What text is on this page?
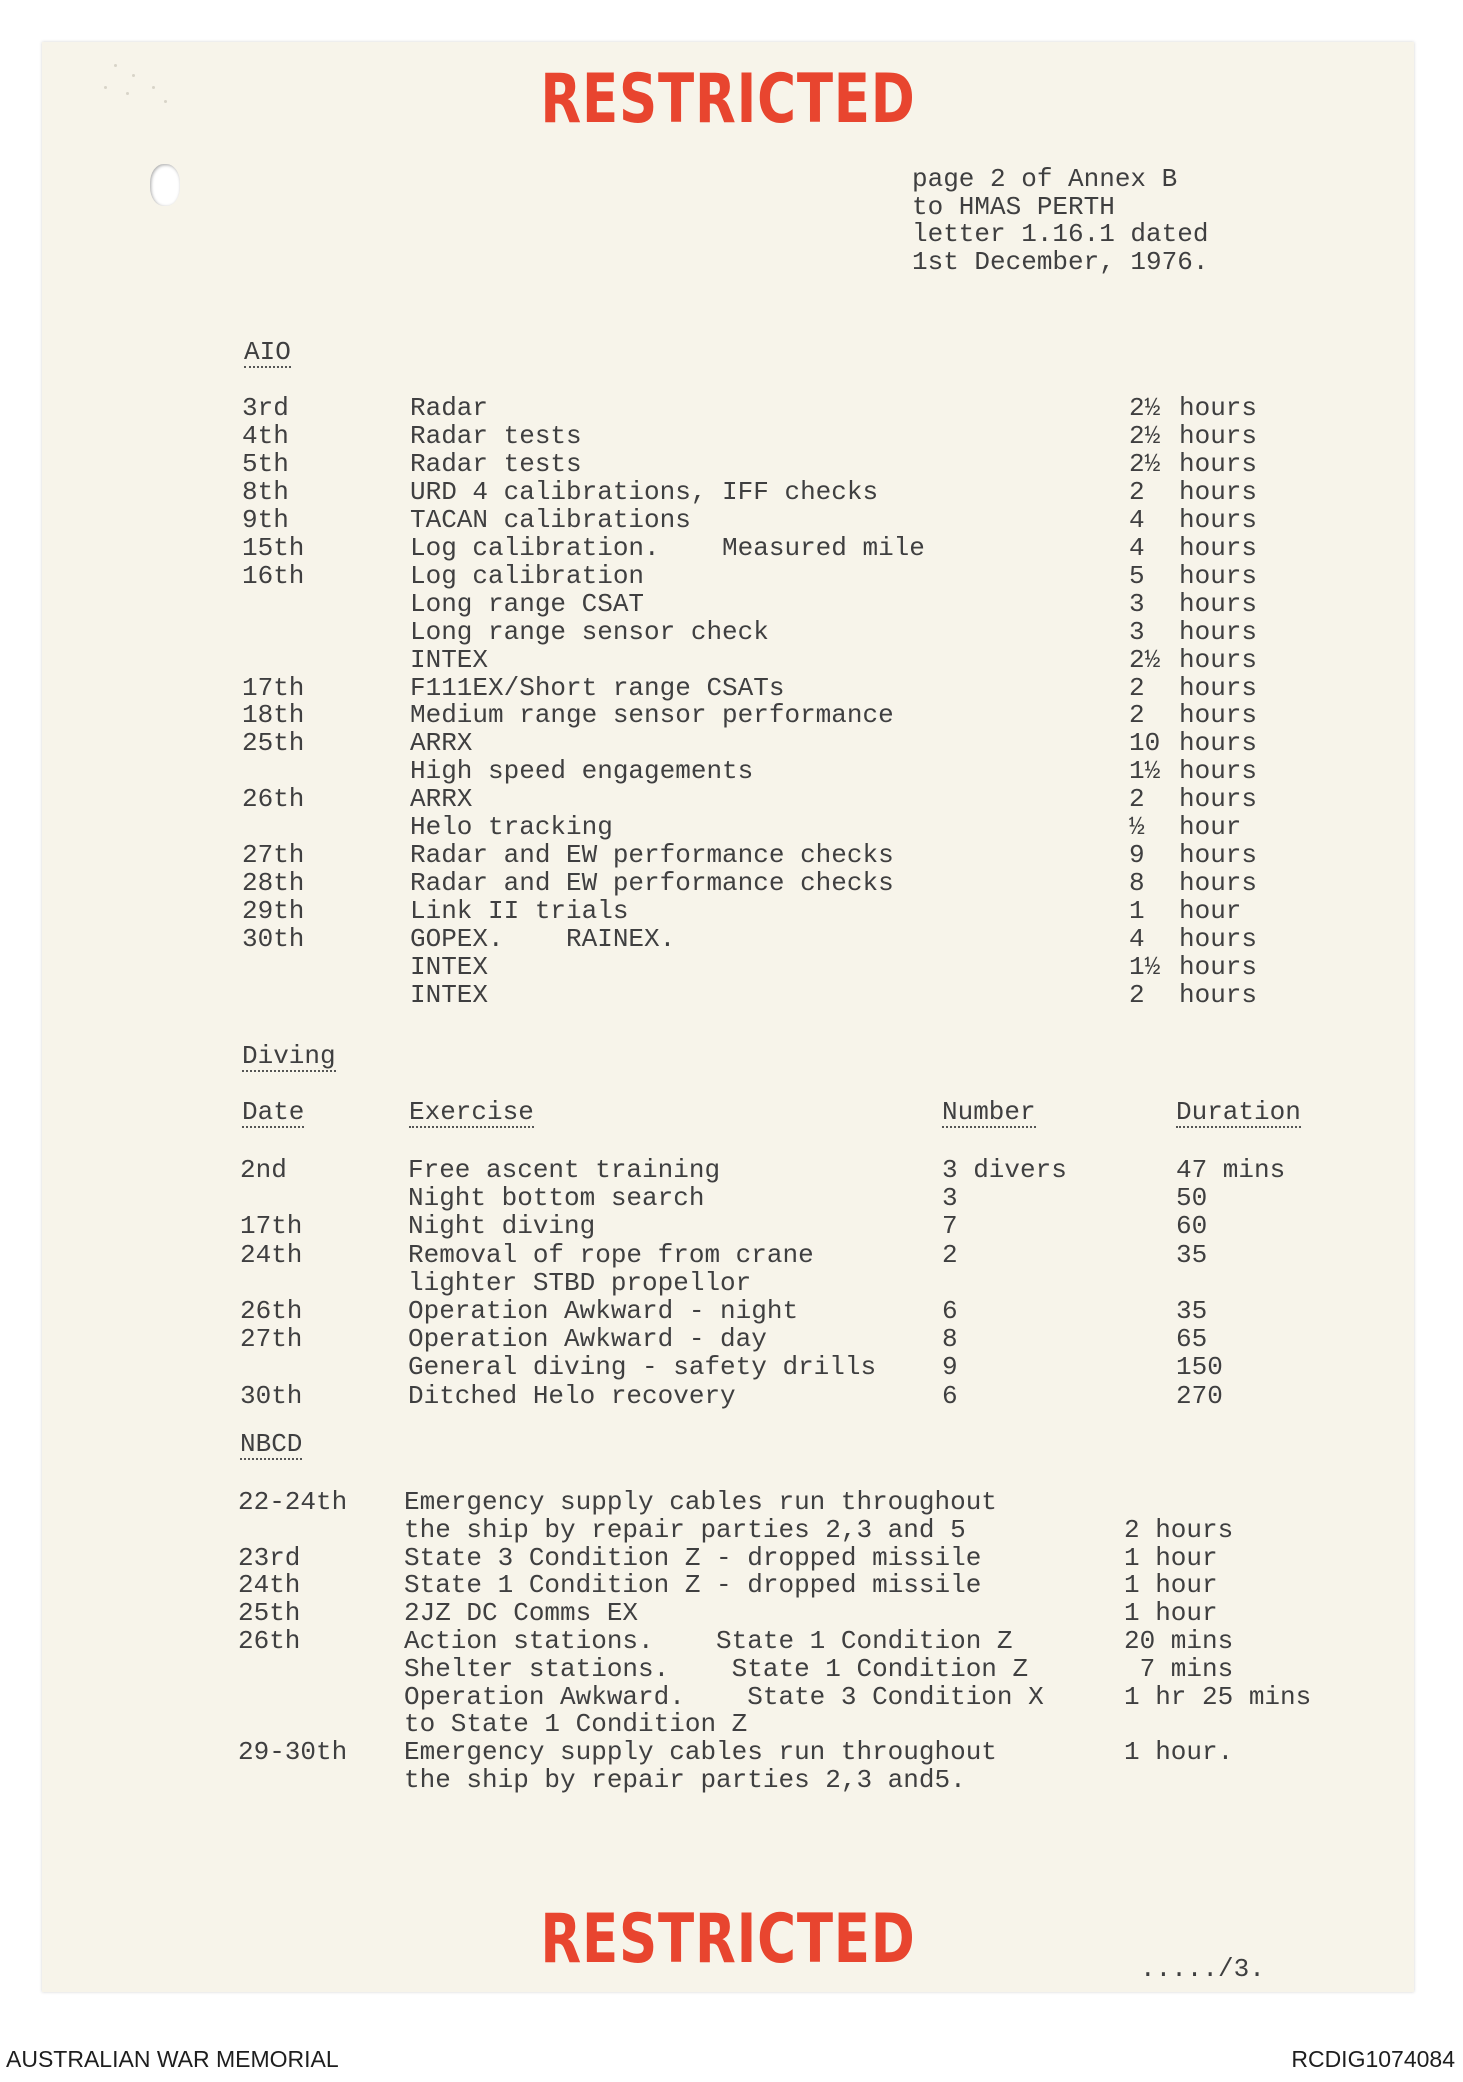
RESTRICTED
page 2 of Annex B
to HMAS PERTH
letter 1.16.1 dated
1st December, 1976.
AIO
3rd	Radar	2½ hours
4th	Radar tests	2½ hours
5th	Radar tests	2½ hours
8th	URD 4 calibrations, IFF checks	2 hours
9th	TACAN calibrations	4 hours
15th	Log calibration.    Measured mile	4 hours
16th	Log calibration	5 hours
Long range CSAT	3 hours
Long range sensor check	3 hours
INTEX	2½ hours
17th	F111EX/Short range CSATs	2 hours
18th	Medium range sensor performance	2 hours
25th	ARRX	10 hours
High speed engagements	1½ hours
26th	ARRX	2 hours
Helo tracking	½ hour
27th	Radar and EW performance checks	9 hours
28th	Radar and EW performance checks	8 hours
29th	Link II trials	1 hour
30th	GOPEX.    RAINEX.	4 hours
INTEX	1½ hours
INTEX	2 hours
Diving
Date	Exercise	Number	Duration
2nd	Free ascent training	3 divers	47 mins
Night bottom search	3	50
17th	Night diving	7	60
24th	Removal of rope from crane	2	35
lighter STBD propellor
26th	Operation Awkward - night	6	35
27th	Operation Awkward - day	8	65
General diving - safety drills	9	150
30th	Ditched Helo recovery	6	270
NBCD
22-24th Emergency supply cables run throughout
the ship by repair parties 2,3 and 5	2 hours
23rd	State 3 Condition Z - dropped missile	1 hour
24th	State 1 Condition Z - dropped missile	1 hour
25th	2JZ DC Comms EX	1 hour
26th	Action stations.    State 1 Condition Z	20 mins
Shelter stations.    State 1 Condition Z	7 mins
Operation Awkward.    State 3 Condition X	1 hr 25 mins
to State 1 Condition Z
29-30th Emergency supply cables run throughout	1 hour.
the ship by repair parties 2,3 and5.
RESTRICTED	...../3.
AUSTRALIAN WAR MEMORIAL	RCDIG1074084
